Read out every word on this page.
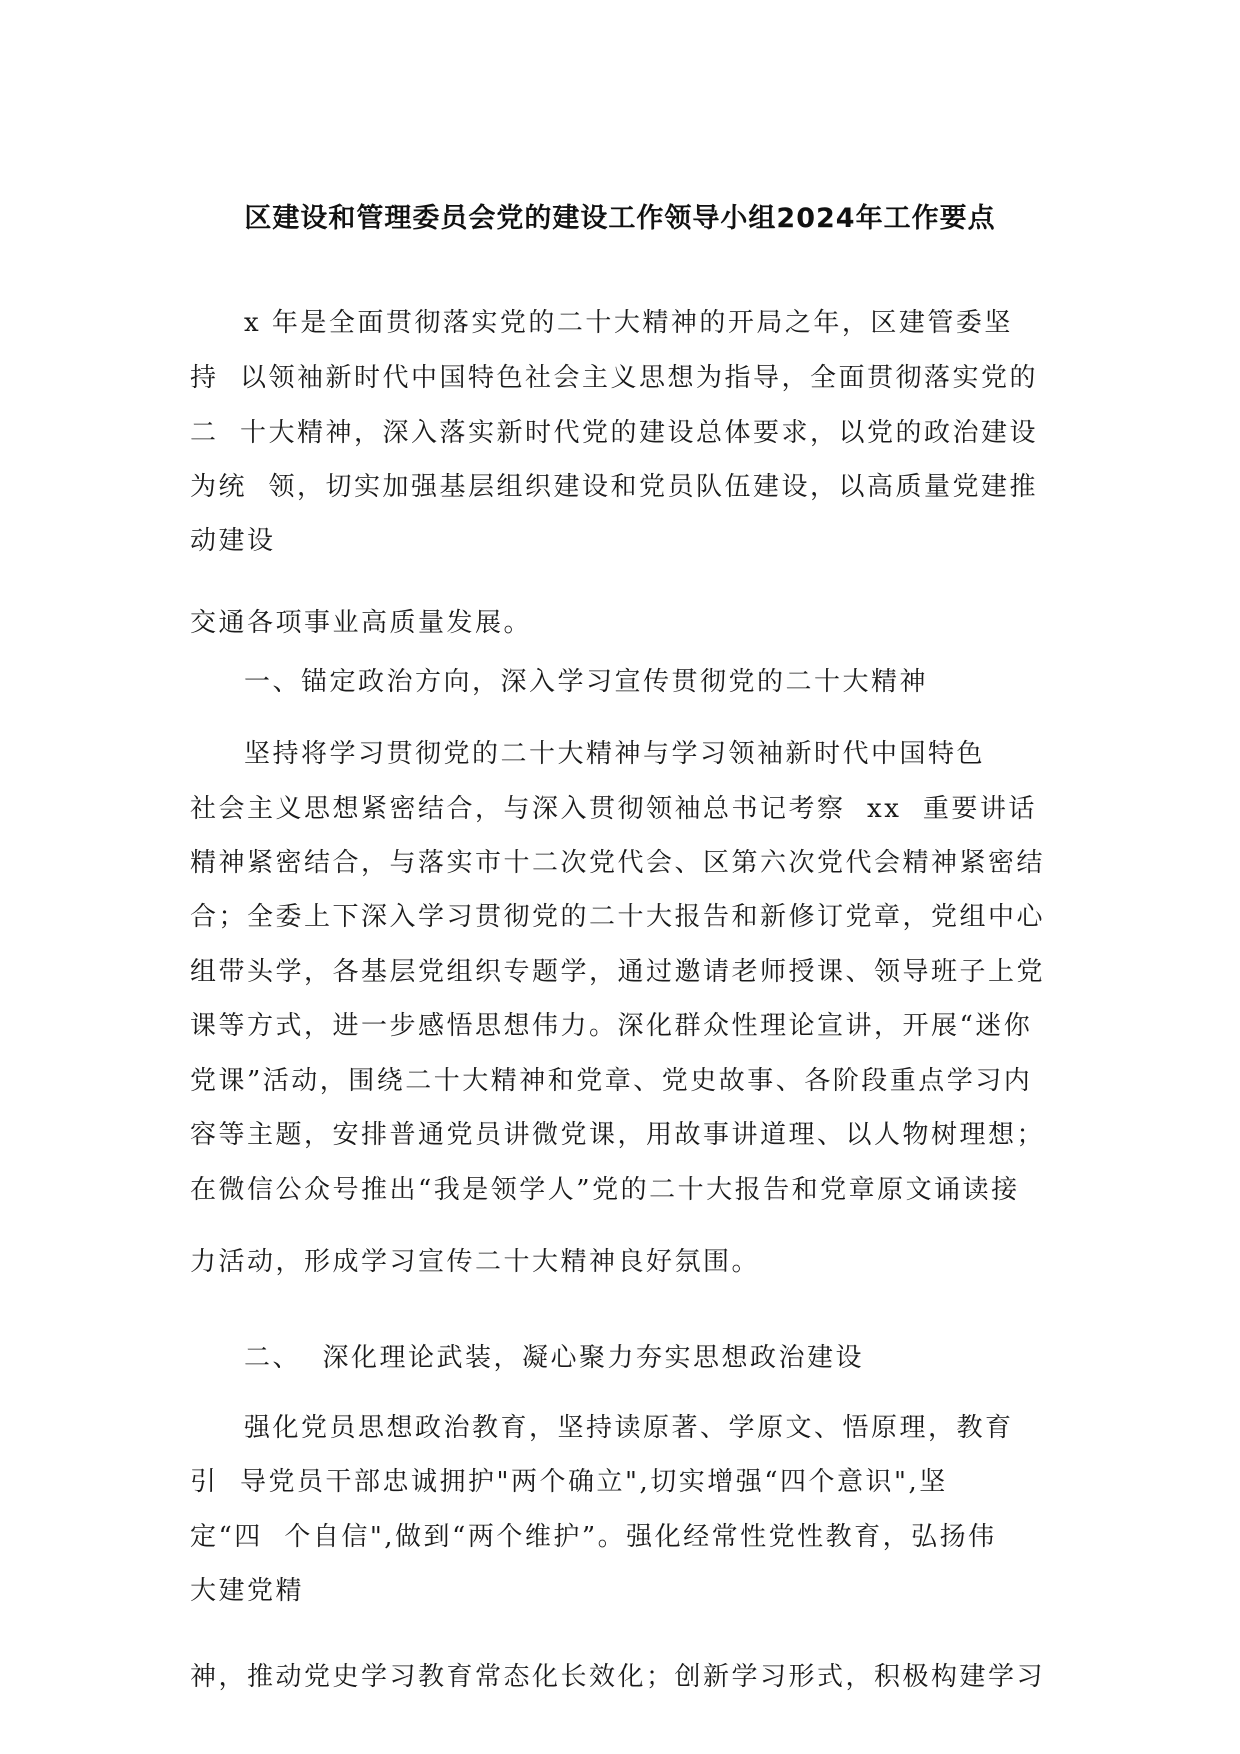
区建设和管理委员会党的建设工作领导小组2024年工作要点
x 年是全面贯彻落实党的二十大精神的开局之年，区建管委坚
持  以领袖新时代中国特色社会主义思想为指导，全面贯彻落实党的
二  十大精神，深入落实新时代党的建设总体要求，以党的政治建设
为统  领，切实加强基层组织建设和党员队伍建设，以高质量党建推
动建设
交通各项事业高质量发展。
一、锚定政治方向，深入学习宣传贯彻党的二十大精神
坚持将学习贯彻党的二十大精神与学习领袖新时代中国特色
社会主义思想紧密结合，与深入贯彻领袖总书记考察  xx  重要讲话
精神紧密结合，与落实市十二次党代会、区第六次党代会精神紧密结
合；全委上下深入学习贯彻党的二十大报告和新修订党章，党组中心
组带头学，各基层党组织专题学，通过邀请老师授课、领导班子上党
课等方式，进一步感悟思想伟力。深化群众性理论宣讲，开展“迷你
党课”活动，围绕二十大精神和党章、党史故事、各阶段重点学习内
容等主题，安排普通党员讲微党课，用故事讲道理、以人物树理想；
在微信公众号推出“我是领学人”党的二十大报告和党章原文诵读接
力活动，形成学习宣传二十大精神良好氛围。
二、  深化理论武装，凝心聚力夯实思想政治建设
强化党员思想政治教育，坚持读原著、学原文、悟原理，教育
引  导党员干部忠诚拥护"两个确立",切实增强“四个意识",坚
定“四  个自信",做到“两个维护”。强化经常性党性教育，弘扬伟
大建党精
神，推动党史学习教育常态化长效化；创新学习形式，积极构建学习
